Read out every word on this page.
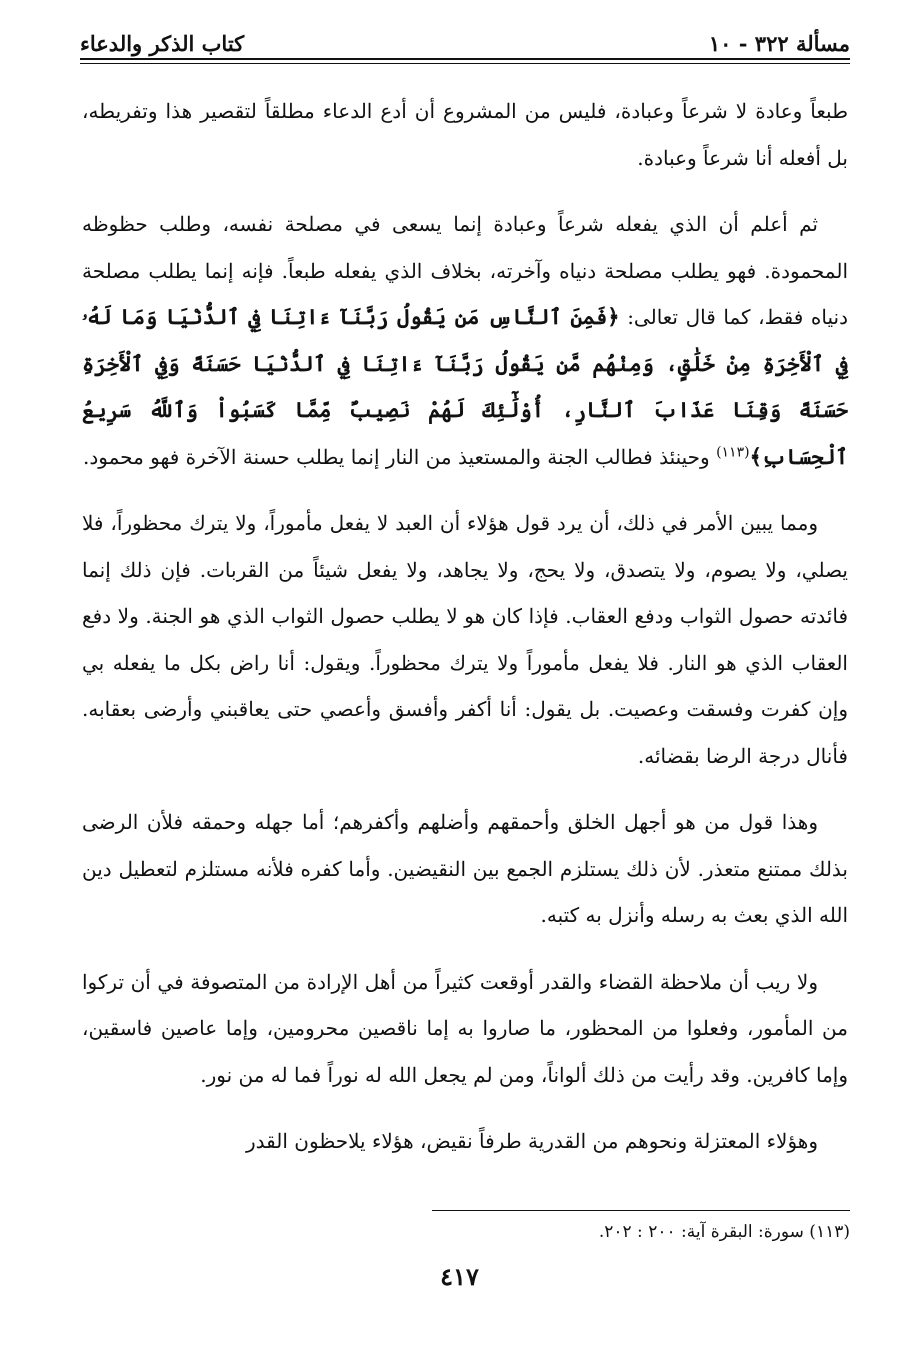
مسألة ٣٢٢ - ١٠
كتاب الذكر والدعاء

طبعاً وعادة لا شرعاً وعبادة، فليس من المشروع أن أدع الدعاء مطلقاً لتقصير هذا وتفريطه، بل أفعله أنا شرعاً وعبادة.

ثم أعلم أن الذي يفعله شرعاً وعبادة إنما يسعى في مصلحة نفسه، وطلب حظوظه المحمودة. فهو يطلب مصلحة دنياه وآخرته، بخلاف الذي يفعله طبعاً. فإنه إنما يطلب مصلحة دنياه فقط، كما قال تعالى: ﴿فَمِنَ ٱلنَّاسِ مَن يَقُولُ رَبَّنَآ ءَاتِنَا فِي ٱلدُّنْيَا وَمَا لَهُۥ فِي ٱلْأَخِرَةِ مِنْ خَلَٰقٍ، وَمِنْهُم مَّن يَقُولُ رَبَّنَآ ءَاتِنَا فِي ٱلدُّنْيَا حَسَنَةً وَفِي ٱلْأَخِرَةِ حَسَنَةً وَقِنَا عَذَابَ ٱلنَّارِ، أُوْلَٰٓئِكَ لَهُمْ نَصِيبٌ مِّمَّا كَسَبُواْ وَٱللَّهُ سَرِيعُ ٱلْحِسَابِ﴾$^{(١١٣)}$ وحينئذ فطالب الجنة والمستعيذ من النار إنما يطلب حسنة الآخرة فهو محمود.

ومما يبين الأمر في ذلك، أن يرد قول هؤلاء أن العبد لا يفعل مأموراً، ولا يترك محظوراً، فلا يصلي، ولا يصوم، ولا يتصدق، ولا يحج، ولا يجاهد، ولا يفعل شيئاً من القربات. فإن ذلك إنما فائدته حصول الثواب ودفع العقاب. فإذا كان هو لا يطلب حصول الثواب الذي هو الجنة. ولا دفع العقاب الذي هو النار. فلا يفعل مأموراً ولا يترك محظوراً. ويقول: أنا راض بكل ما يفعله بي وإن كفرت وفسقت وعصيت. بل يقول: أنا أكفر وأفسق وأعصي حتى يعاقبني وأرضى بعقابه. فأنال درجة الرضا بقضائه.

وهذا قول من هو أجهل الخلق وأحمقهم وأضلهم وأكفرهم؛ أما جهله وحمقه فلأن الرضى بذلك ممتنع متعذر. لأن ذلك يستلزم الجمع بين النقيضين. وأما كفره فلأنه مستلزم لتعطيل دين الله الذي بعث به رسله وأنزل به كتبه.

ولا ريب أن ملاحظة القضاء والقدر أوقعت كثيراً من أهل الإرادة من المتصوفة في أن تركوا من المأمور، وفعلوا من المحظور، ما صاروا به إما ناقصين محرومين، وإما عاصين فاسقين، وإما كافرين. وقد رأيت من ذلك ألواناً، ومن لم يجعل الله له نوراً فما له من نور.

وهؤلاء المعتزلة ونحوهم من القدرية طرفاً نقيض، هؤلاء يلاحظون القدر

(١١٣) سورة: البقرة آية: ٢٠٠ : ٢٠٢.
٤١٧
